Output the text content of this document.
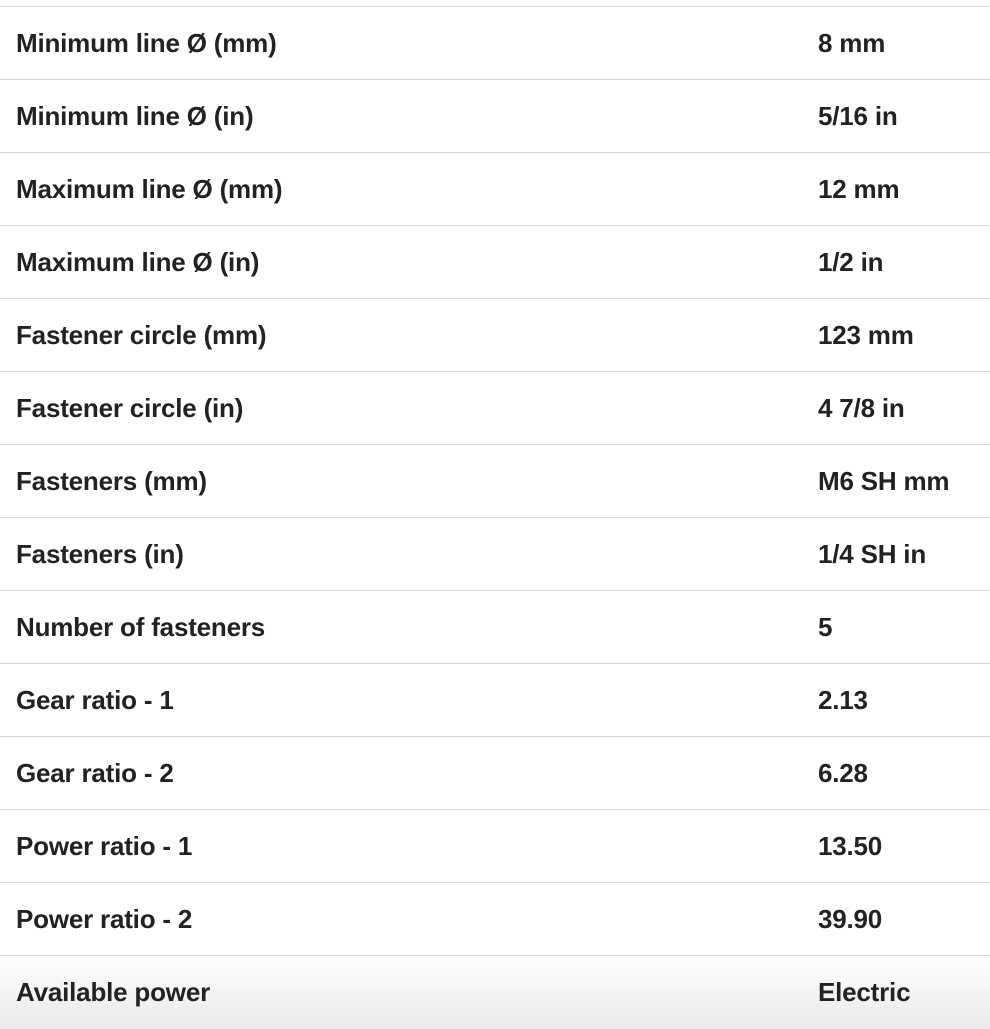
Minimum line Ø (mm)	8 mm
Minimum line Ø (in)	5/16 in
Maximum line Ø (mm)	12 mm
Maximum line Ø (in)	1/2 in
Fastener circle (mm)	123 mm
Fastener circle (in)	4 7/8 in
Fasteners (mm)	M6 SH mm
Fasteners (in)	1/4 SH in
Number of fasteners	5
Gear ratio - 1	2.13
Gear ratio - 2	6.28
Power ratio - 1	13.50
Power ratio - 2	39.90
Available power	Electric
